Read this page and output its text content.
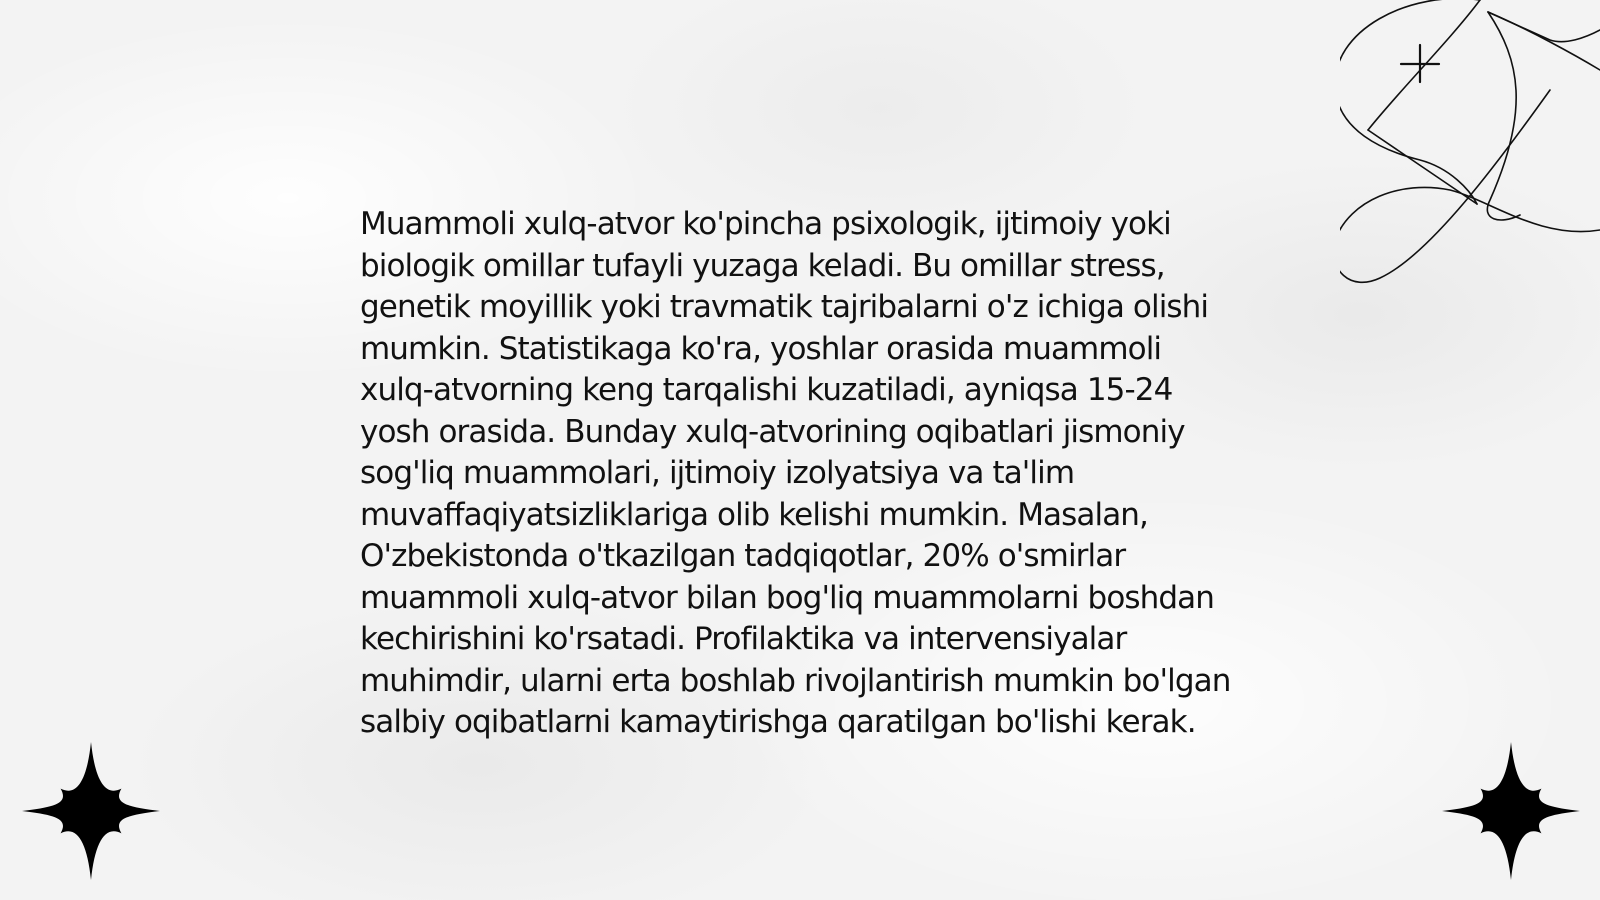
Muammoli xulq-atvor ko'pincha psixologik, ijtimoiy yoki biologik omillar tufayli yuzaga keladi. Bu omillar stress, genetik moyillik yoki travmatik tajribalarni o'z ichiga olishi mumkin. Statistikaga ko'ra, yoshlar orasida muammoli xulq-atvorning keng tarqalishi kuzatiladi, ayniqsa 15-24 yosh orasida. Bunday xulq-atvorining oqibatlari jismoniy sog'liq muammolari, ijtimoiy izolyatsiya va ta'lim muvaffaqiyatsizliklariga olib kelishi mumkin. Masalan, O'zbekistonda o'tkazilgan tadqiqotlar, 20% o'smirlar muammoli xulq-atvor bilan bog'liq muammolarni boshdan kechirishini ko'rsatadi. Profilaktika va intervensiyalar muhimdir, ularni erta boshlab rivojlantirish mumkin bo'lgan salbiy oqibatlarni kamaytirishga qaratilgan bo'lishi kerak.
